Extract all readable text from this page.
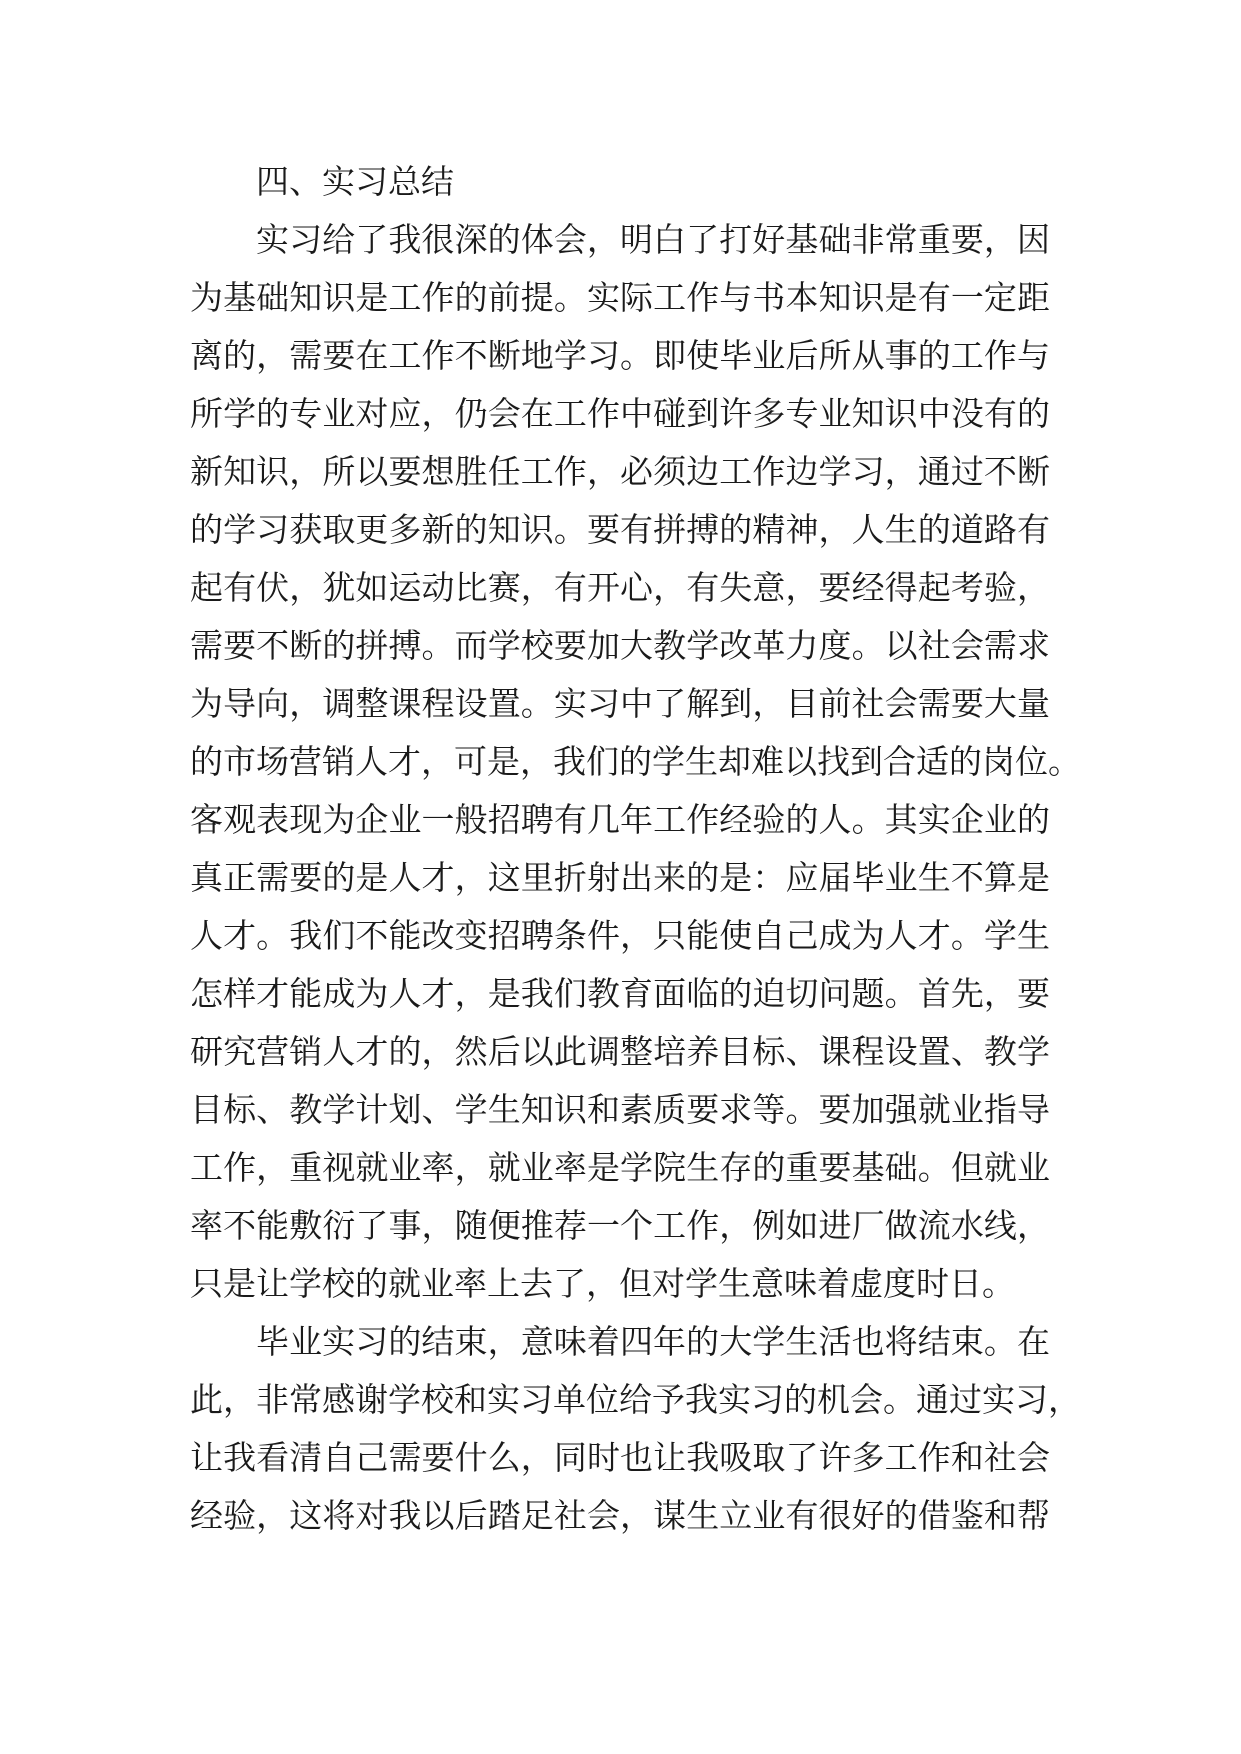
四、实习总结
实习给了我很深的体会，明白了打好基础非常重要，因
为基础知识是工作的前提。实际工作与书本知识是有一定距
离的，需要在工作不断地学习。即使毕业后所从事的工作与
所学的专业对应，仍会在工作中碰到许多专业知识中没有的
新知识，所以要想胜任工作，必须边工作边学习，通过不断
的学习获取更多新的知识。要有拼搏的精神，人生的道路有
起有伏，犹如运动比赛，有开心，有失意，要经得起考验，
需要不断的拼搏。而学校要加大教学改革力度。以社会需求
为导向，调整课程设置。实习中了解到，目前社会需要大量
的市场营销人才，可是，我们的学生却难以找到合适的岗位。
客观表现为企业一般招聘有几年工作经验的人。其实企业的
真正需要的是人才，这里折射出来的是：应届毕业生不算是
人才。我们不能改变招聘条件，只能使自己成为人才。学生
怎样才能成为人才，是我们教育面临的迫切问题。首先，要
研究营销人才的，然后以此调整培养目标、课程设置、教学
目标、教学计划、学生知识和素质要求等。要加强就业指导
工作，重视就业率，就业率是学院生存的重要基础。但就业
率不能敷衍了事，随便推荐一个工作，例如进厂做流水线，
只是让学校的就业率上去了，但对学生意味着虚度时日。
毕业实习的结束，意味着四年的大学生活也将结束。在
此，非常感谢学校和实习单位给予我实习的机会。通过实习，
让我看清自己需要什么，同时也让我吸取了许多工作和社会
经验，这将对我以后踏足社会，谋生立业有很好的借鉴和帮
